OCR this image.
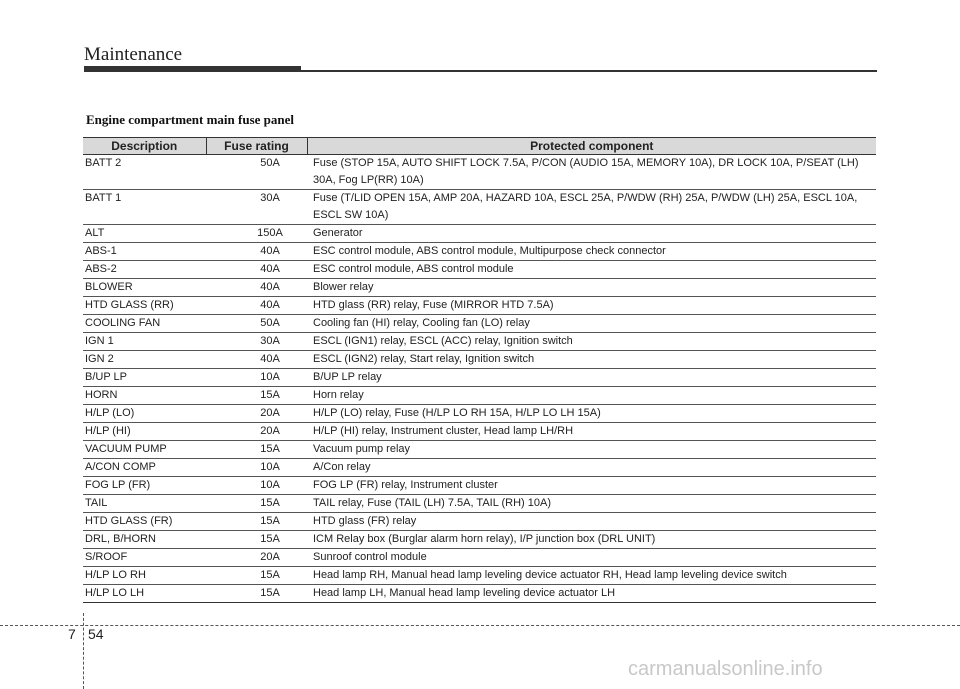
Maintenance
Engine compartment main fuse panel
Description	Fuse rating	Protected component
BATT 2	50A	Fuse (STOP 15A, AUTO SHIFT LOCK 7.5A, P/CON (AUDIO 15A, MEMORY 10A), DR LOCK 10A, P/SEAT (LH) 30A, Fog LP(RR) 10A)
BATT 1	30A	Fuse (T/LID OPEN 15A, AMP 20A, HAZARD 10A, ESCL 25A, P/WDW (RH) 25A, P/WDW (LH) 25A, ESCL 10A, ESCL SW 10A)
ALT	150A	Generator
ABS-1	40A	ESC control module, ABS control module, Multipurpose check connector
ABS-2	40A	ESC control module, ABS control module
BLOWER	40A	Blower relay
HTD GLASS (RR)	40A	HTD glass (RR) relay, Fuse (MIRROR HTD 7.5A)
COOLING FAN	50A	Cooling fan (HI) relay, Cooling fan (LO) relay
IGN 1	30A	ESCL (IGN1) relay, ESCL (ACC) relay, Ignition switch
IGN 2	40A	ESCL (IGN2) relay, Start relay, Ignition switch
B/UP LP	10A	B/UP LP relay
HORN	15A	Horn relay
H/LP (LO)	20A	H/LP (LO) relay, Fuse (H/LP LO RH 15A, H/LP LO LH 15A)
H/LP (HI)	20A	H/LP (HI) relay, Instrument cluster, Head lamp LH/RH
VACUUM PUMP	15A	Vacuum pump relay
A/CON COMP	10A	A/Con relay
FOG LP (FR)	10A	FOG LP (FR) relay, Instrument cluster
TAIL	15A	TAIL relay, Fuse (TAIL (LH) 7.5A, TAIL (RH) 10A)
HTD GLASS (FR)	15A	HTD glass (FR) relay
DRL, B/HORN	15A	ICM Relay box (Burglar alarm horn relay), I/P junction box (DRL UNIT)
S/ROOF	20A	Sunroof control module
H/LP LO RH	15A	Head lamp RH, Manual head lamp leveling device actuator RH, Head lamp leveling device switch
H/LP LO LH	15A	Head lamp LH, Manual head lamp leveling device actuator LH
7 54
carmanualsonline.info
